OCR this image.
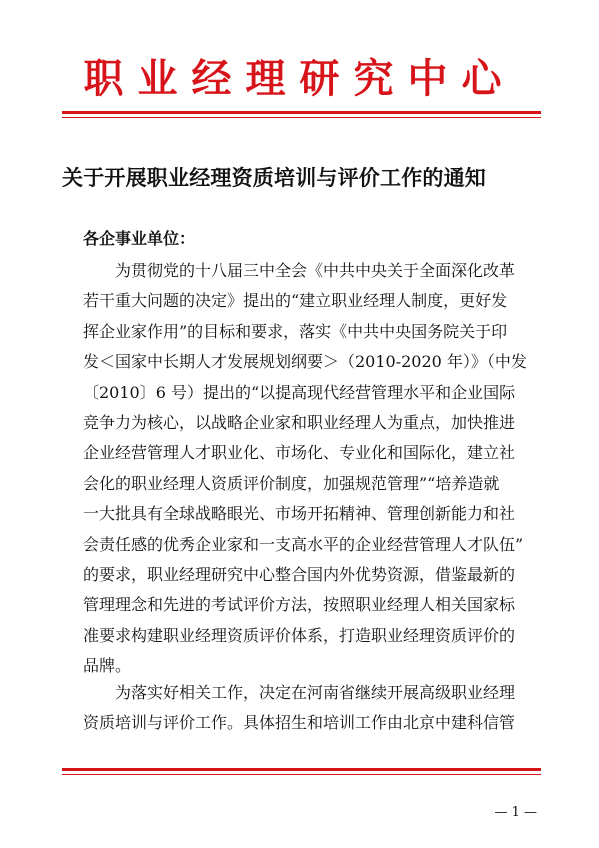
职业经理研究中心
关于开展职业经理资质培训与评价工作的通知
各企事业单位：
为贯彻党的十八届三中全会《中共中央关于全面深化改革
若干重大问题的决定》提出的“建立职业经理人制度，更好发
挥企业家作用”的目标和要求，落实《中共中央国务院关于印
发＜国家中长期人才发展规划纲要＞（2010-2020 年）》（中发
〔2010〕6 号）提出的“以提高现代经营管理水平和企业国际
竞争力为核心，以战略企业家和职业经理人为重点，加快推进
企业经营管理人才职业化、市场化、专业化和国际化，建立社
会化的职业经理人资质评价制度，加强规范管理”“培养造就
一大批具有全球战略眼光、市场开拓精神、管理创新能力和社
会责任感的优秀企业家和一支高水平的企业经营管理人才队伍”
的要求，职业经理研究中心整合国内外优势资源，借鉴最新的
管理理念和先进的考试评价方法，按照职业经理人相关国家标
准要求构建职业经理资质评价体系，打造职业经理资质评价的
品牌。
为落实好相关工作，决定在河南省继续开展高级职业经理
资质培训与评价工作。具体招生和培训工作由北京中建科信管
— 1 —
